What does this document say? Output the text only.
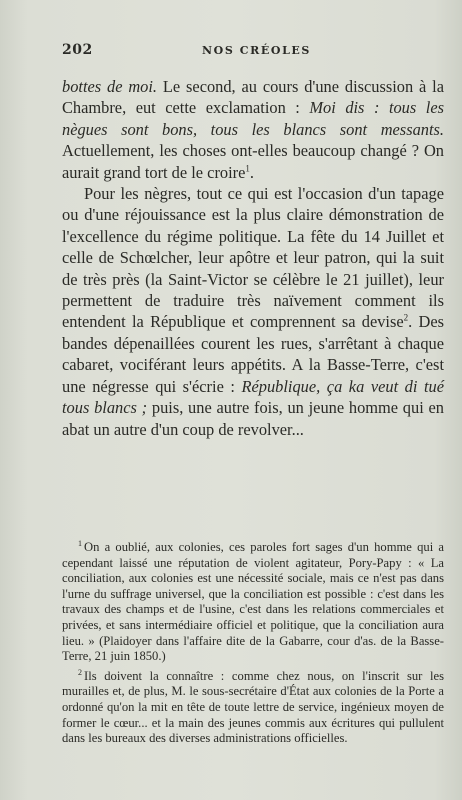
202	NOS CRÉOLES

bottes de moi. Le second, au cours d'une discussion à la Chambre, eut cette exclamation : Moi dis : tous les nègues sont bons, tous les blancs sont messants. Actuellement, les choses ont-elles beaucoup changé ? On aurait grand tort de le croire$^1$.

Pour les nègres, tout ce qui est l'occasion d'un tapage ou d'une réjouissance est la plus claire démonstration de l'excellence du régime politique. La fête du 14 Juillet et celle de Schœlcher, leur apôtre et leur patron, qui la suit de très près (la Saint-Victor se célèbre le 21 juillet), leur permettent de traduire très naïvement comment ils entendent la République et comprennent sa devise$^2$. Des bandes dépenaillées courent les rues, s'arrêtant à chaque cabaret, vociférant leurs appétits. A la Basse-Terre, c'est une négresse qui s'écrie : République, ça ka veut di tué tous blancs ; puis, une autre fois, un jeune homme qui en abat un autre d'un coup de revolver...

$^1$ On a oublié, aux colonies, ces paroles fort sages d'un homme qui a cependant laissé une réputation de violent agitateur, Pory-Papy : « La conciliation, aux colonies est une nécessité sociale, mais ce n'est pas dans l'urne du suffrage universel, que la conciliation est possible : c'est dans les travaux des champs et de l'usine, c'est dans les relations commerciales et privées, et sans intermédiaire officiel et politique, que la conciliation aura lieu. » (Plaidoyer dans l'affaire dite de la Gabarre, cour d'as. de la Basse-Terre, 21 juin 1850.)

$^2$ Ils doivent la connaître : comme chez nous, on l'inscrit sur les murailles et, de plus, M. le sous-secrétaire d'État aux colonies de la Porte a ordonné qu'on la mit en tête de toute lettre de service, ingénieux moyen de former le cœur... et la main des jeunes commis aux écritures qui pullulent dans les bureaux des diverses administrations officielles.
